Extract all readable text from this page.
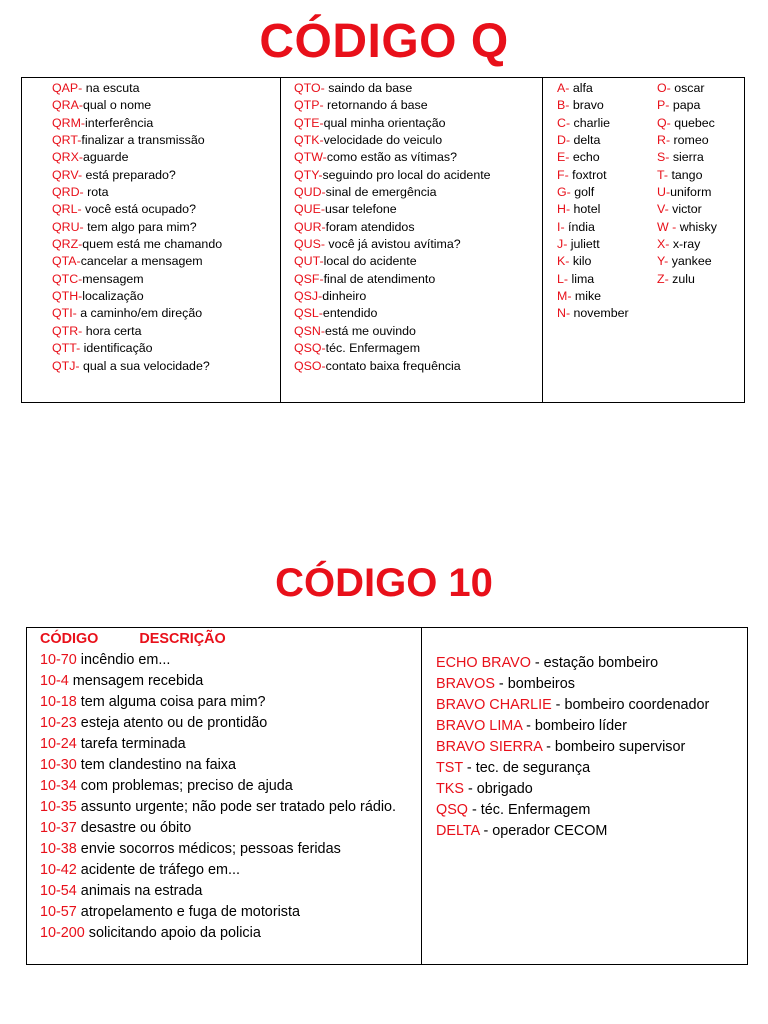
CÓDIGO Q
QAP- na escuta
QRA-qual o nome
QRM-interferência
QRT-finalizar a transmissão
QRX-aguarde
QRV- está preparado?
QRD- rota
QRL- você está ocupado?
QRU- tem algo para mim?
QRZ-quem está me chamando
QTA-cancelar a mensagem
QTC-mensagem
QTH-localização
QTI- a caminho/em direção
QTR- hora certa
QTT- identificação
QTJ- qual a sua velocidade?
QTO- saindo da base
QTP- retornando á base
QTE-qual minha orientação
QTK-velocidade do veiculo
QTW-como estão as vítimas?
QTY-seguindo pro local do acidente
QUD-sinal de emergência
QUE-usar telefone
QUR-foram atendidos
QUS- você já avistou avítima?
QUT-local do acidente
QSF-final de atendimento
QSJ-dinheiro
QSL-entendido
QSN-está me ouvindo
QSQ-téc. Enfermagem
QSO-contato baixa frequência
A- alfa
B- bravo
C- charlie
D- delta
E- echo
F- foxtrot
G- golf
H- hotel
I- índia
J- juliett
K- kilo
L- lima
M- mike
N- november
O- oscar
P- papa
Q- quebec
R- romeo
S- sierra
T- tango
U-uniform
V- victor
W - whisky
X- x-ray
Y- yankee
Z- zulu
CÓDIGO 10
CÓDIGO	DESCRIÇÃO
10-70 incêndio em...
10-4 mensagem recebida
10-18 tem alguma coisa para mim?
10-23 esteja atento ou de prontidão
10-24 tarefa terminada
10-30 tem clandestino na faixa
10-34 com problemas; preciso de ajuda
10-35 assunto urgente; não pode ser tratado pelo rádio.
10-37 desastre ou óbito
10-38 envie socorros médicos; pessoas feridas
10-42 acidente de tráfego em...
10-54 animais na estrada
10-57 atropelamento e fuga de motorista
10-200 solicitando apoio da policia
ECHO BRAVO - estação bombeiro
BRAVOS - bombeiros
BRAVO CHARLIE - bombeiro coordenador
BRAVO LIMA - bombeiro líder
BRAVO SIERRA - bombeiro supervisor
TST - tec. de segurança
TKS - obrigado
QSQ - téc. Enfermagem
DELTA - operador CECOM
